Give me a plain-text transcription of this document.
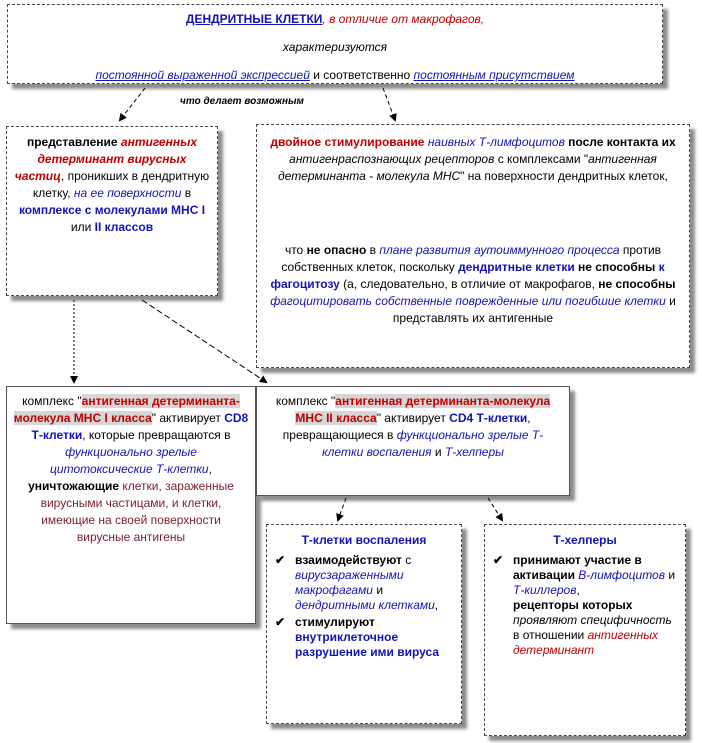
ДЕНДРИТНЫЕ КЛЕТКИ, в отличие от макрофагов,

характеризуются

постоянной выраженной экспрессией и соответственно постоянным присутствием

что делает возможным
представление антигенных детерминант вирусных частиц, проникших в дендритную клетку, на ее поверхности в комплексе с молекулами МНС I или II классов

двойное стимулирование наивных Т-лимфоцитов после контакта их антигенраспознающих рецепторов с комплексами "антигенная детерминанта - молекула МНС" на поверхности дендритных клеток,

что не опасно в плане развития аутоиммунного процесса против собственных клеток, поскольку дендритные клетки не способны к фагоцитозу (а, следовательно, в отличие от макрофагов, не способны фагоцитировать собственные поврежденные или погибшие клетки и представлять их антигенные

комплекс "антигенная детерминанта-молекула МНС I класса" активирует CD8 Т-клетки, которые превращаются в функционально зрелые цитотоксические Т-клетки, уничтожающие клетки, зараженные вирусными частицами, и клетки, имеющие на своей поверхности вирусные антигены
комплекс "антигенная детерминанта-молекула МНС II класса" активирует CD4 Т-клетки, превращающиеся в функционально зрелые Т-клетки воспаления и Т-хелперы
Т-клетки воспаления
✔ взаимодействуют с вирусзараженными макрофагами и дендритными клетками,
✔ стимулируют внутриклеточное разрушение ими вируса
Т-хелперы
✔ принимают участие в активации В-лимфоцитов и Т-киллеров,
рецепторы которых проявляют специфичность в отношении антигенных детерминант
